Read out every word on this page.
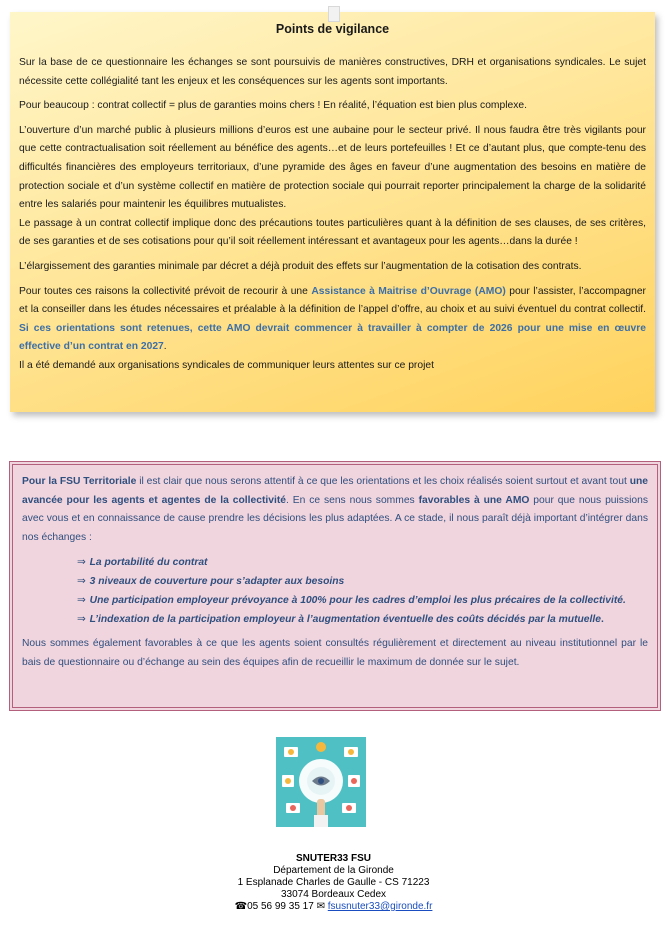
Points de vigilance

Sur la base de ce questionnaire les échanges se sont poursuivis de manières constructives, DRH et organisations syndicales. Le sujet nécessite cette collégialité tant les enjeux et les conséquences sur les agents sont importants.

Pour beaucoup : contrat collectif = plus de garanties moins chers ! En réalité, l’équation est bien plus complexe.

L’ouverture d’un marché public à plusieurs millions d’euros est une aubaine pour le secteur privé. Il nous faudra être très vigilants pour que cette contractualisation soit réellement au bénéfice des agents…et de leurs portefeuilles ! Et ce d’autant plus, que compte-tenu des difficultés financières des employeurs territoriaux, d’une pyramide des âges en faveur d’une augmentation des besoins en matière de protection sociale et d’un système collectif en matière de protection sociale qui pourrait reporter principalement la charge de la solidarité entre les salariés pour maintenir les équilibres mutualistes.

Le passage à un contrat collectif implique donc des précautions toutes particulières quant à la définition de ses clauses, de ses critères, de ses garanties et de ses cotisations pour qu’il soit réellement intéressant et avantageux pour les agents…dans la durée !

L’élargissement des garanties minimale par décret a déjà produit des effets sur l’augmentation de la cotisation des contrats.

Pour toutes ces raisons la collectivité prévoit de recourir à une Assistance à Maitrise d’Ouvrage (AMO) pour l’assister, l’accompagner et la conseiller dans les études nécessaires et préalable à la définition de l’appel d’offre, au choix et au suivi éventuel du contrat collectif. Si ces orientations sont retenues, cette AMO devrait commencer à travailler à compter de 2026 pour une mise en œuvre effective d’un contrat en 2027.

Il a été demandé aux organisations syndicales de communiquer leurs attentes sur ce projet

Pour la FSU Territoriale il est clair que nous serons attentif à ce que les orientations et les choix réalisés soient surtout et avant tout une avancée pour les agents et agentes de la collectivité. En ce sens nous sommes favorables à une AMO pour que nous puissions avec vous et en connaissance de cause prendre les décisions les plus adaptées. A ce stade, il nous paraît déjà important d’intégrer dans nos échanges :

⇒ La portabilité du contrat
⇒ 3 niveaux de couverture pour s’adapter aux besoins
⇒ Une participation employeur prévoyance à 100% pour les cadres d’emploi les plus précaires de la collectivité.
⇒ L’indexation de la participation employeur à l’augmentation éventuelle des coûts décidés par la mutuelle.

Nous sommes également favorables à ce que les agents soient consultés régulièrement et directement au niveau institutionnel par le bais de questionnaire ou d’échange au sein des équipes afin de recueillir le maximum de donnée sur le sujet.

SNUTER33 FSU
Département de la Gironde
1 Esplanade Charles de Gaulle - CS 71223
33074 Bordeaux Cedex
☎05 56 99 35 17 ✉ fsusnuter33@gironde.fr
